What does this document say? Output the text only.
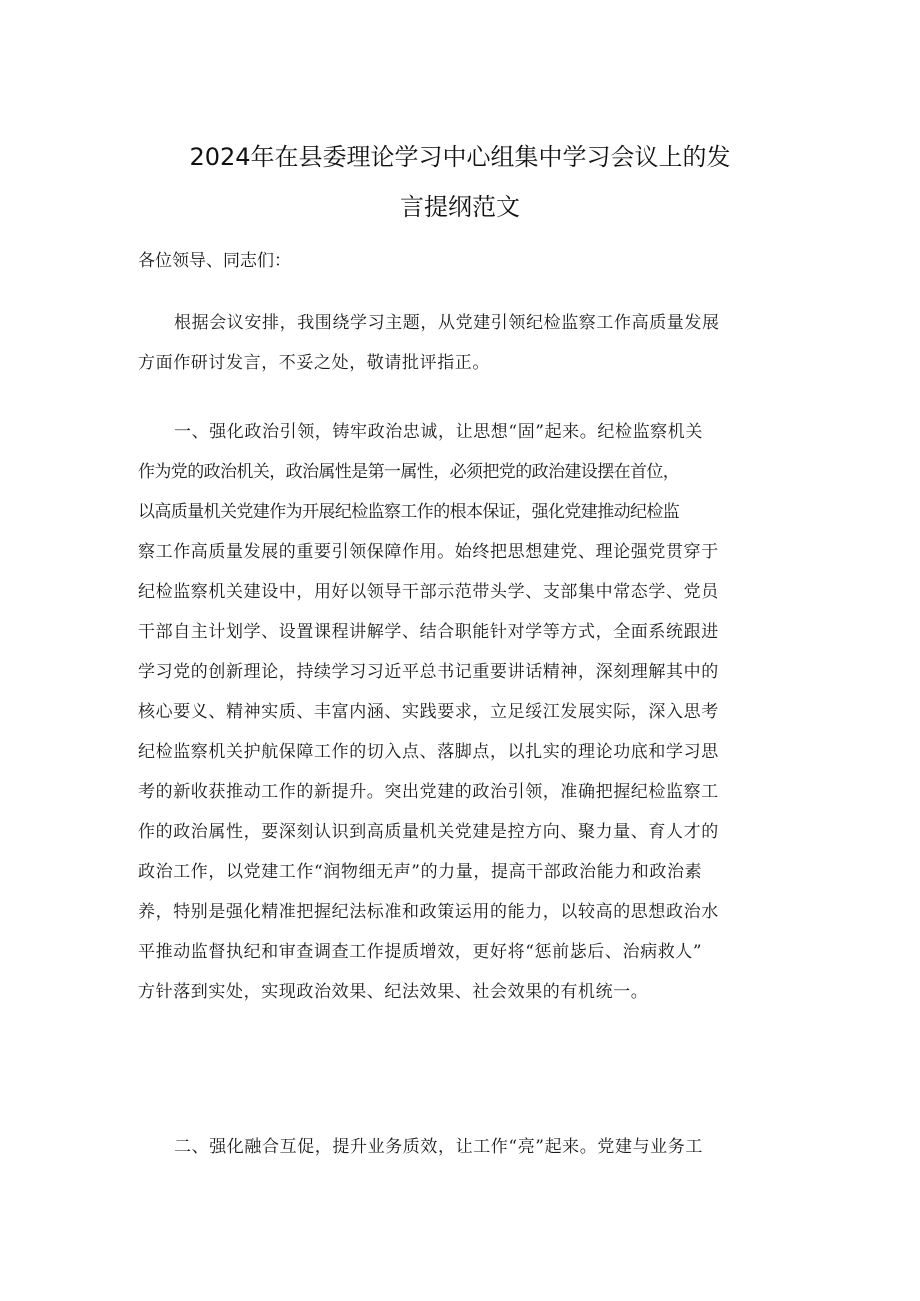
2024年在县委理论学习中心组集中学习会议上的发
言提纲范文
各位领导、同志们：
根据会议安排，我围绕学习主题，从党建引领纪检监察工作高质量发展
方面作研讨发言，不妥之处，敬请批评指正。
一、强化政治引领，铸牢政治忠诚，让思想“固”起来。纪检监察机关
作为党的政治机关，政治属性是第一属性，必须把党的政治建设摆在首位，
以高质量机关党建作为开展纪检监察工作的根本保证，强化党建推动纪检监
察工作高质量发展的重要引领保障作用。始终把思想建党、理论强党贯穿于
纪检监察机关建设中，用好以领导干部示范带头学、支部集中常态学、党员
干部自主计划学、设置课程讲解学、结合职能针对学等方式，全面系统跟进
学习党的创新理论，持续学习习近平总书记重要讲话精神，深刻理解其中的
核心要义、精神实质、丰富内涵、实践要求，立足绥江发展实际，深入思考
纪检监察机关护航保障工作的切入点、落脚点，以扎实的理论功底和学习思
考的新收获推动工作的新提升。突出党建的政治引领，准确把握纪检监察工
作的政治属性，要深刻认识到高质量机关党建是控方向、聚力量、育人才的
政治工作，以党建工作“润物细无声”的力量，提高干部政治能力和政治素
养，特别是强化精准把握纪法标准和政策运用的能力，以较高的思想政治水
平推动监督执纪和审查调查工作提质增效，更好将“惩前毖后、治病救人”
方针落到实处，实现政治效果、纪法效果、社会效果的有机统一。
二、强化融合互促，提升业务质效，让工作“亮”起来。党建与业务工
